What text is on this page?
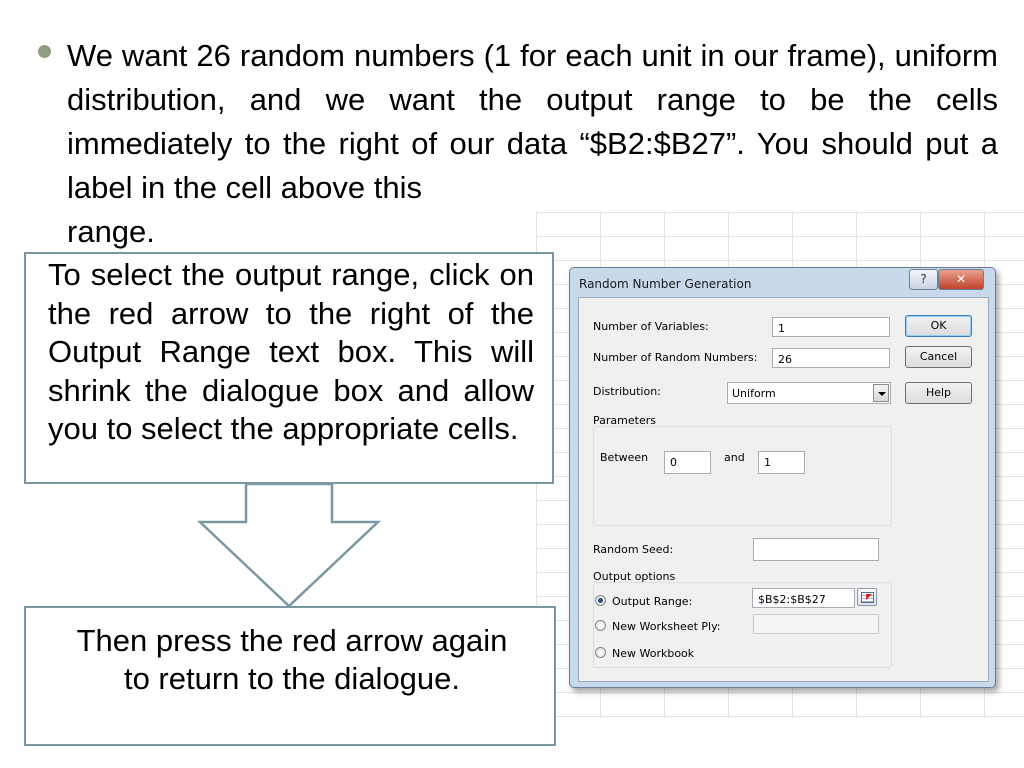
We want 26 random numbers (1 for each unit in our frame), uniform distribution, and we want the output range to be the cells immediately to the right of our data “$B2:$B27”. You should put a label in the cell above this
range.
To select the output range, click on the red arrow to the right of the Output Range text box. This will shrink the dialogue box and allow you to select the appropriate cells.
Then press the red arrow again to return to the dialogue.
Random Number Generation	?	✕
Number of Variables:	1
Number of Random Numbers:	26
Distribution:	Uniform
Parameters
Between	0	and	1
Random Seed:
Output options
Output Range:	$B$2:$B$27
New Worksheet Ply:
New Workbook
OK
Cancel
Help
